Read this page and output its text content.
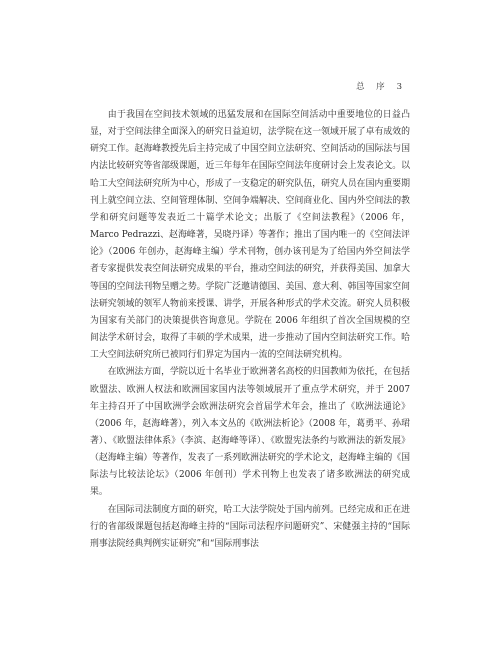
总  序 3

由于我国在空间技术领域的迅猛发展和在国际空间活动中重要地位的日益凸显，对于空间法律全面深入的研究日益迫切，法学院在这一领域开展了卓有成效的研究工作。赵海峰教授先后主持完成了中国空间立法研究、空间活动的国际法与国内法比较研究等省部级课题，近三年每年在国际空间法年度研讨会上发表论文。以哈工大空间法研究所为中心，形成了一支稳定的研究队伍，研究人员在国内重要期刊上就空间立法、空间管理体制、空间争端解决、空间商业化、国内外空间法的教学和研究问题等发表近二十篇学术论文；出版了《空间法教程》（2006 年，Marco Pedrazzi、赵海峰著，吴晓丹译）等著作；推出了国内唯一的《空间法评论》（2006 年创办，赵海峰主编）学术刊物，创办该刊是为了给国内外空间法学者专家提供发表空间法研究成果的平台，推动空间法的研究，并获得美国、加拿大等国的空间法刊物呈赠之势。学院广泛邀请德国、美国、意大利、韩国等国家空间法研究领域的领军人物前来授课、讲学，开展各种形式的学术交流。研究人员积极为国家有关部门的决策提供咨询意见。学院在 2006 年组织了首次全国规模的空间法学术研讨会，取得了丰硕的学术成果，进一步推动了国内空间法研究工作。哈工大空间法研究所已被同行们界定为国内一流的空间法研究机构。

在欧洲法方面，学院以近十名毕业于欧洲著名高校的归国教师为依托，在包括欧盟法、欧洲人权法和欧洲国家国内法等领域展开了重点学术研究，并于 2007 年主持召开了中国欧洲学会欧洲法研究会首届学术年会，推出了《欧洲法通论》（2006 年，赵海峰著），列入本文丛的《欧洲法析论》（2008 年，葛勇平、孙珺著）、《欧盟法律体系》（李滨、赵海峰等译）、《欧盟宪法条约与欧洲法的新发展》（赵海峰主编）等著作，发表了一系列欧洲法研究的学术论文，赵海峰主编的《国际法与比较法论坛》（2006 年创刊）学术刊物上也发表了诸多欧洲法的研究成果。

在国际司法制度方面的研究，哈工大法学院处于国内前列。已经完成和正在进行的省部级课题包括赵海峰主持的“国际司法程序问题研究”、宋健强主持的“国际刑事法院经典判例实证研究”和“国际刑事法
